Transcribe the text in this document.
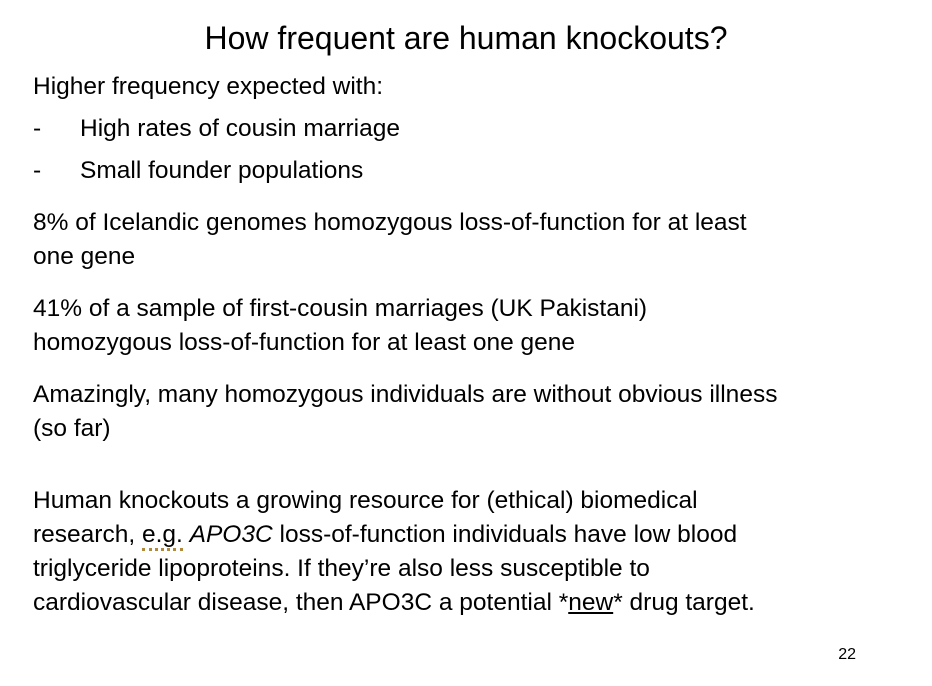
How frequent are human knockouts?
Higher frequency expected with:
- High rates of cousin marriage
- Small founder populations

8% of Icelandic genomes homozygous loss-of-function for at least

one gene

41% of a sample of first-cousin marriages (UK Pakistani)

homozygous loss-of-function for at least one gene

Amazingly, many homozygous individuals are without obvious illness

(so far)

Human knockouts a growing resource for (ethical) biomedical

research, e.g. APO3C loss-of-function individuals have low blood

triglyceride lipoproteins. If they’re also less susceptible to

cardiovascular disease, then APO3C a potential *new* drug target.

22
